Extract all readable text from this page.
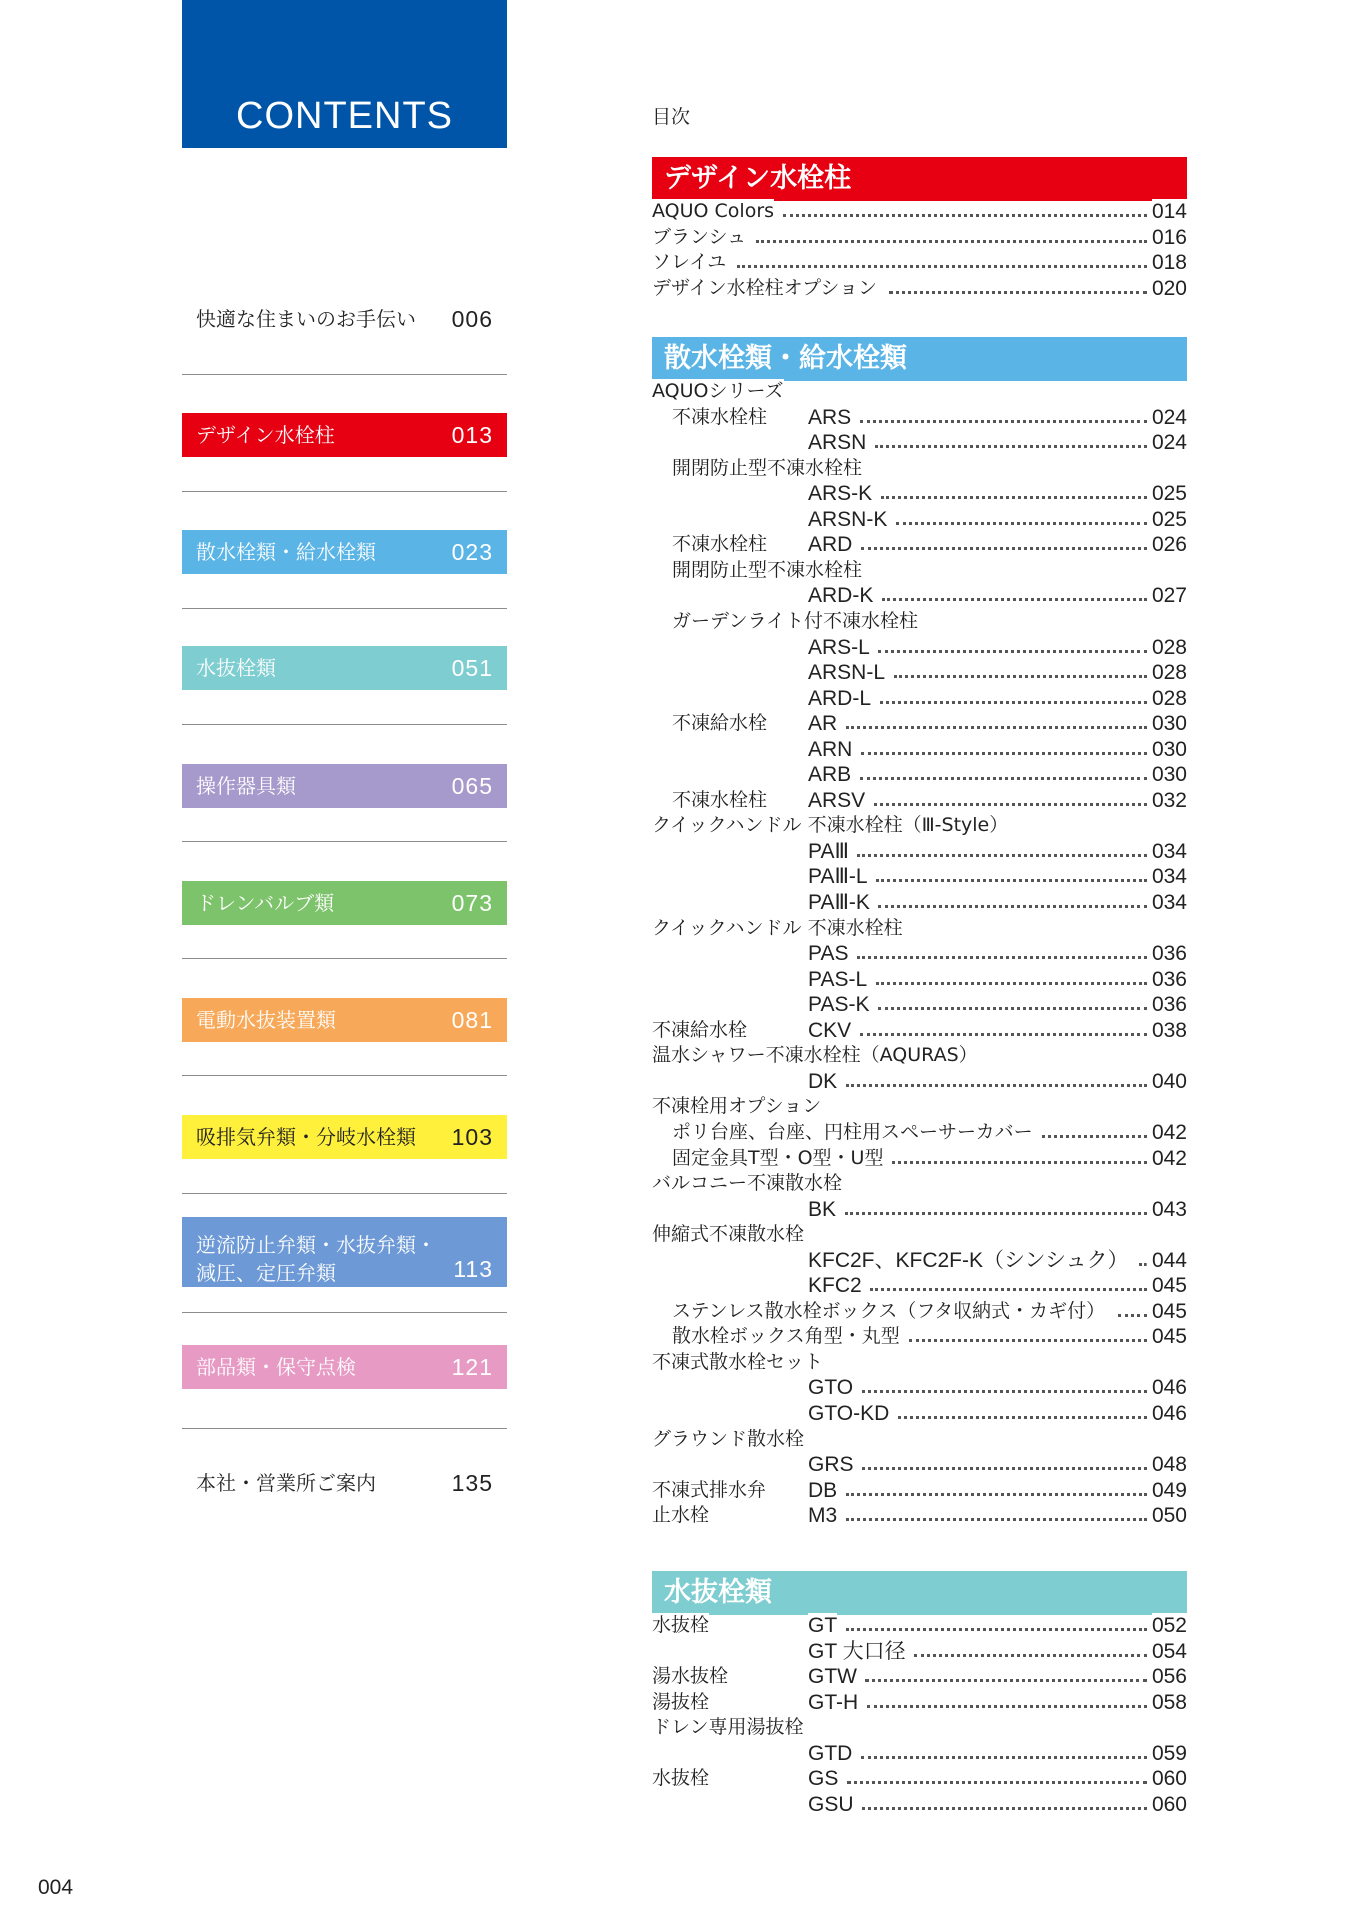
CONTENTS
快適な住まいのお手伝い 006
デザイン水栓柱	013
散水栓類・給水栓類	023
水抜栓類	051
操作器具類	065
ドレンバルブ類	073
電動水抜装置類	081
吸排気弁類・分岐水栓類 103
逆流防止弁類・水抜弁類・
減圧、定圧弁類	113
部品類・保守点検	121
本社・営業所ご案内	135
目次
デザイン水栓柱
AQUO Colors	014
ブランシュ	016
ソレイユ	018
デザイン水栓柱オプション	020
散水栓類・給水栓類
AQUOシリーズ
不凍水栓柱 ARS	024
ARSN	024
開閉防止型不凍水栓柱
ARS-K	025
ARSN-K	025
不凍水栓柱 ARD	026
開閉防止型不凍水栓柱
ARD-K	027
ガーデンライト付不凍水栓柱
ARS-L	028
ARSN-L	028
ARD-L	028
不凍給水栓 AR	030
ARN	030
ARB	030
不凍水栓柱 ARSV	032
クイックハンドル 不凍水栓柱（Ⅲ-Style）
PAⅢ	034
PAⅢ-L	034
PAⅢ-K	034
クイックハンドル 不凍水栓柱
PAS	036
PAS-L	036
PAS-K	036
不凍給水栓	CKV	038
温水シャワー不凍水栓柱（AQURAS）
DK	040
不凍栓用オプション
ポリ台座、台座、円柱用スペーサーカバー	042
固定金具T型・O型・U型	042
バルコニー不凍散水栓
BK	043
伸縮式不凍散水栓
KFC2F、KFC2F-K（シンシュク） 044
KFC2	045
ステンレス散水栓ボックス（フタ収納式・カギ付） 045
散水栓ボックス角型・丸型	045
不凍式散水栓セット
GTO	046
GTO-KD	046
グラウンド散水栓
GRS	048
不凍式排水弁 DB	049
止水栓	M3	050
水抜栓類
水抜栓	GT	052
GT 大口径	054
湯水抜栓	GTW	056
湯抜栓	GT-H	058
ドレン専用湯抜栓
GTD	059
水抜栓	GS	060
GSU	060
004
